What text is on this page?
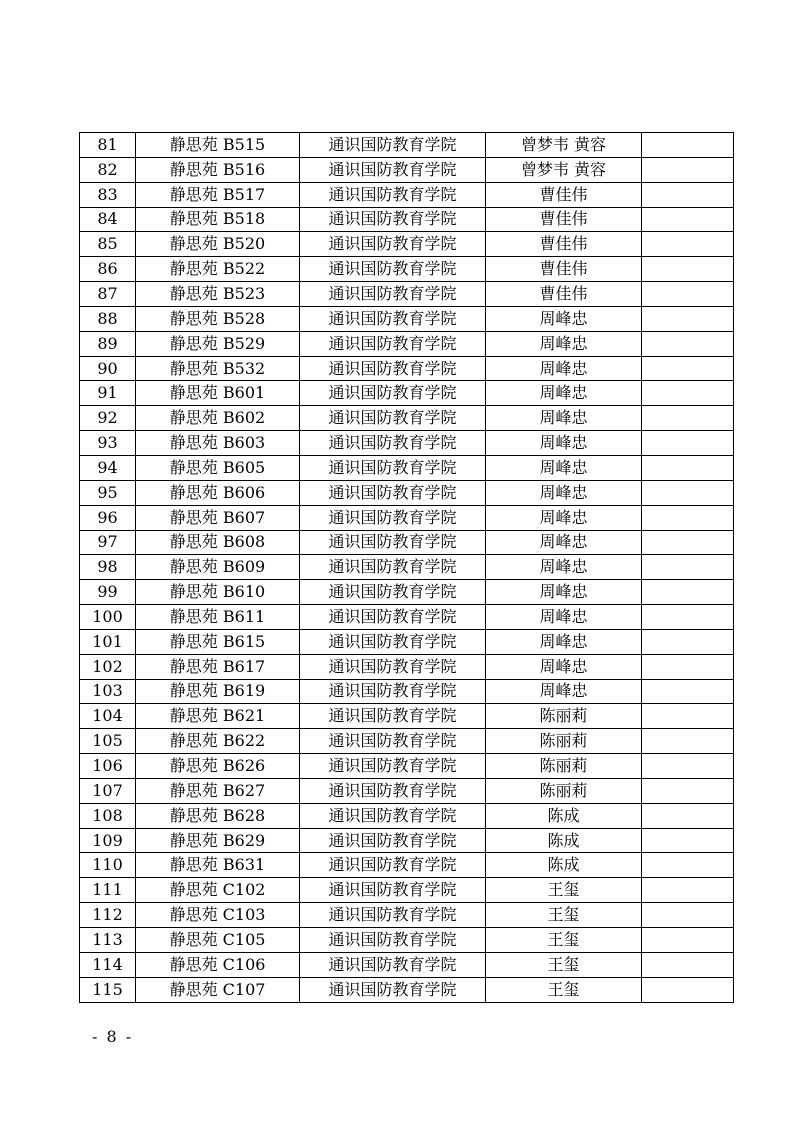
81	静思苑 B515	通识国防教育学院	曾梦韦 黄容	
82	静思苑 B516	通识国防教育学院	曾梦韦 黄容	
83	静思苑 B517	通识国防教育学院	曹佳伟	
84	静思苑 B518	通识国防教育学院	曹佳伟	
85	静思苑 B520	通识国防教育学院	曹佳伟	
86	静思苑 B522	通识国防教育学院	曹佳伟	
87	静思苑 B523	通识国防教育学院	曹佳伟	
88	静思苑 B528	通识国防教育学院	周峰忠	
89	静思苑 B529	通识国防教育学院	周峰忠	
90	静思苑 B532	通识国防教育学院	周峰忠	
91	静思苑 B601	通识国防教育学院	周峰忠	
92	静思苑 B602	通识国防教育学院	周峰忠	
93	静思苑 B603	通识国防教育学院	周峰忠	
94	静思苑 B605	通识国防教育学院	周峰忠	
95	静思苑 B606	通识国防教育学院	周峰忠	
96	静思苑 B607	通识国防教育学院	周峰忠	
97	静思苑 B608	通识国防教育学院	周峰忠	
98	静思苑 B609	通识国防教育学院	周峰忠	
99	静思苑 B610	通识国防教育学院	周峰忠	
100	静思苑 B611	通识国防教育学院	周峰忠	
101	静思苑 B615	通识国防教育学院	周峰忠	
102	静思苑 B617	通识国防教育学院	周峰忠	
103	静思苑 B619	通识国防教育学院	周峰忠	
104	静思苑 B621	通识国防教育学院	陈丽莉	
105	静思苑 B622	通识国防教育学院	陈丽莉	
106	静思苑 B626	通识国防教育学院	陈丽莉	
107	静思苑 B627	通识国防教育学院	陈丽莉	
108	静思苑 B628	通识国防教育学院	陈成	
109	静思苑 B629	通识国防教育学院	陈成	
110	静思苑 B631	通识国防教育学院	陈成	
111	静思苑 C102	通识国防教育学院	王玺	
112	静思苑 C103	通识国防教育学院	王玺	
113	静思苑 C105	通识国防教育学院	王玺	
114	静思苑 C106	通识国防教育学院	王玺	
115	静思苑 C107	通识国防教育学院	王玺	
- 8 -
